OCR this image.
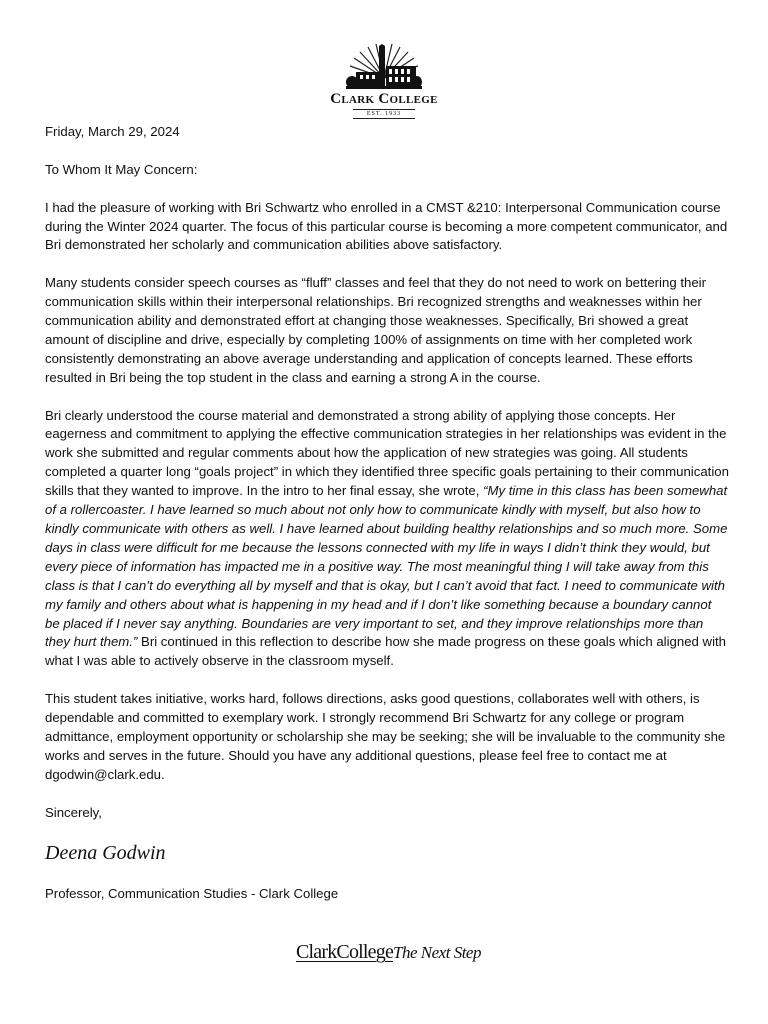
Clark College
EST. 1933

Friday, March 29, 2024

To Whom It May Concern:

I had the pleasure of working with Bri Schwartz who enrolled in a CMST &210: Interpersonal Communication course during the Winter 2024 quarter. The focus of this particular course is becoming a more competent communicator, and Bri demonstrated her scholarly and communication abilities above satisfactory.

Many students consider speech courses as “fluff” classes and feel that they do not need to work on bettering their communication skills within their interpersonal relationships. Bri recognized strengths and weaknesses within her communication ability and demonstrated effort at changing those weaknesses. Specifically, Bri showed a great amount of discipline and drive, especially by completing 100% of assignments on time with her completed work consistently demonstrating an above average understanding and application of concepts learned. These efforts resulted in Bri being the top student in the class and earning a strong A in the course.

Bri clearly understood the course material and demonstrated a strong ability of applying those concepts. Her eagerness and commitment to applying the effective communication strategies in her relationships was evident in the work she submitted and regular comments about how the application of new strategies was going. All students completed a quarter long “goals project” in which they identified three specific goals pertaining to their communication skills that they wanted to improve. In the intro to her final essay, she wrote, “My time in this class has been somewhat of a rollercoaster. I have learned so much about not only how to communicate kindly with myself, but also how to kindly communicate with others as well. I have learned about building healthy relationships and so much more. Some days in class were difficult for me because the lessons connected with my life in ways I didn’t think they would, but every piece of information has impacted me in a positive way. The most meaningful thing I will take away from this class is that I can’t do everything all by myself and that is okay, but I can’t avoid that fact. I need to communicate with my family and others about what is happening in my head and if I don’t like something because a boundary cannot be placed if I never say anything. Boundaries are very important to set, and they improve relationships more than they hurt them.” Bri continued in this reflection to describe how she made progress on these goals which aligned with what I was able to actively observe in the classroom myself.

This student takes initiative, works hard, follows directions, asks good questions, collaborates well with others, is dependable and committed to exemplary work. I strongly recommend Bri Schwartz for any college or program admittance, employment opportunity or scholarship she may be seeking; she will be invaluable to the community she works and serves in the future. Should you have any additional questions, please feel free to contact me at dgodwin@clark.edu.

Sincerely,

Deena Godwin

Professor, Communication Studies - Clark College

ClarkCollegeThe Next Step
